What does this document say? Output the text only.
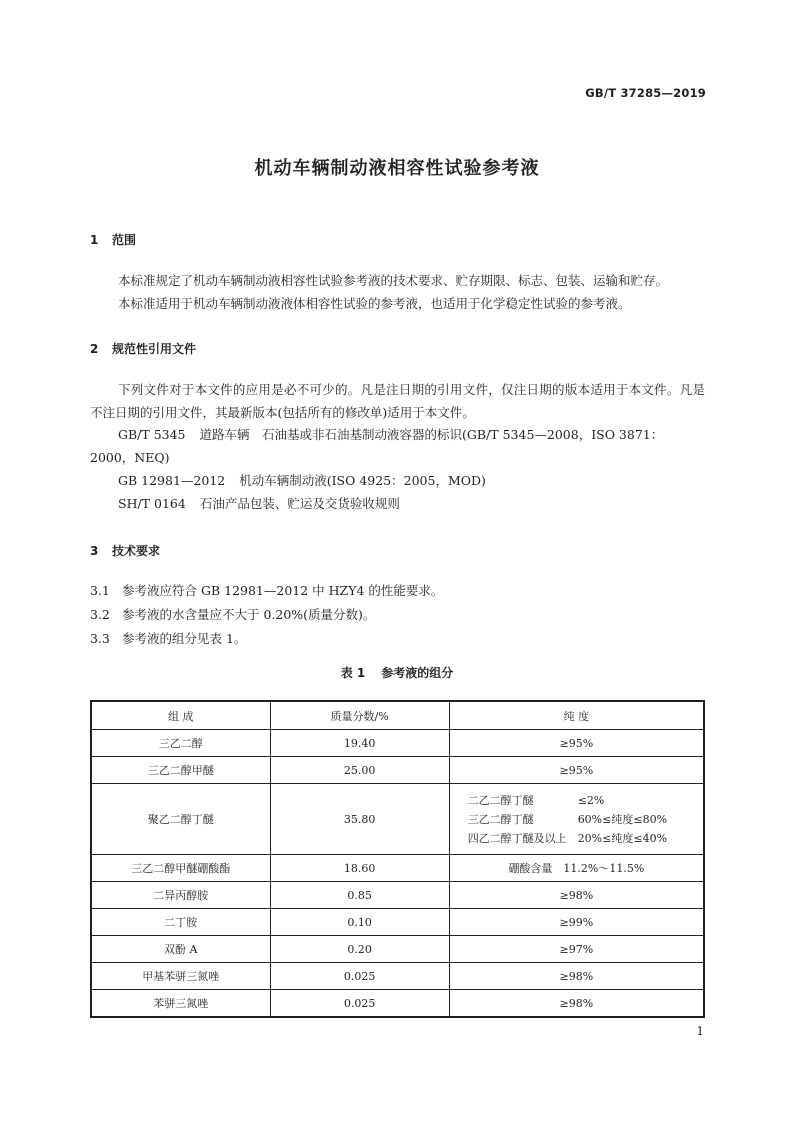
GB/T 37285—2019
机动车辆制动液相容性试验参考液
1 范围
本标准规定了机动车辆制动液相容性试验参考液的技术要求、贮存期限、标志、包装、运输和贮存。
本标准适用于机动车辆制动液液体相容性试验的参考液，也适用于化学稳定性试验的参考液。
2 规范性引用文件
下列文件对于本文件的应用是必不可少的。凡是注日期的引用文件，仅注日期的版本适用于本文件。凡是不注日期的引用文件，其最新版本(包括所有的修改单)适用于本文件。
GB/T 5345 道路车辆　石油基或非石油基制动液容器的标识(GB/T 5345—2008，ISO 3871：
2000，NEQ)
GB 12981—2012 机动车辆制动液(ISO 4925：2005，MOD)
SH/T 0164 石油产品包装、贮运及交货验收规则
3 技术要求
3.1 参考液应符合 GB 12981—2012 中 HZY4 的性能要求。
3.2 参考液的水含量应不大于 0.20%(质量分数)。
3.3 参考液的组分见表 1。
表 1 参考液的组分
组 成	质量分数/%	纯 度
三乙二醇	19.40	≥95%
三乙二醇甲醚	25.00	≥95%
聚乙二醇丁醚	35.80	二乙二醇丁醚 ≤2%
三乙二醇丁醚 60%≤纯度≤80%
四乙二醇丁醚及以上 20%≤纯度≤40%

三乙二醇甲醚硼酸酯	18.60	硼酸含量　11.2%～11.5%
二异丙醇胺	0.85	≥98%
二丁胺	0.10	≥99%
双酚 A	0.20	≥97%
甲基苯骈三氮唑	0.025	≥98%
苯骈三氮唑	0.025	≥98%
1
